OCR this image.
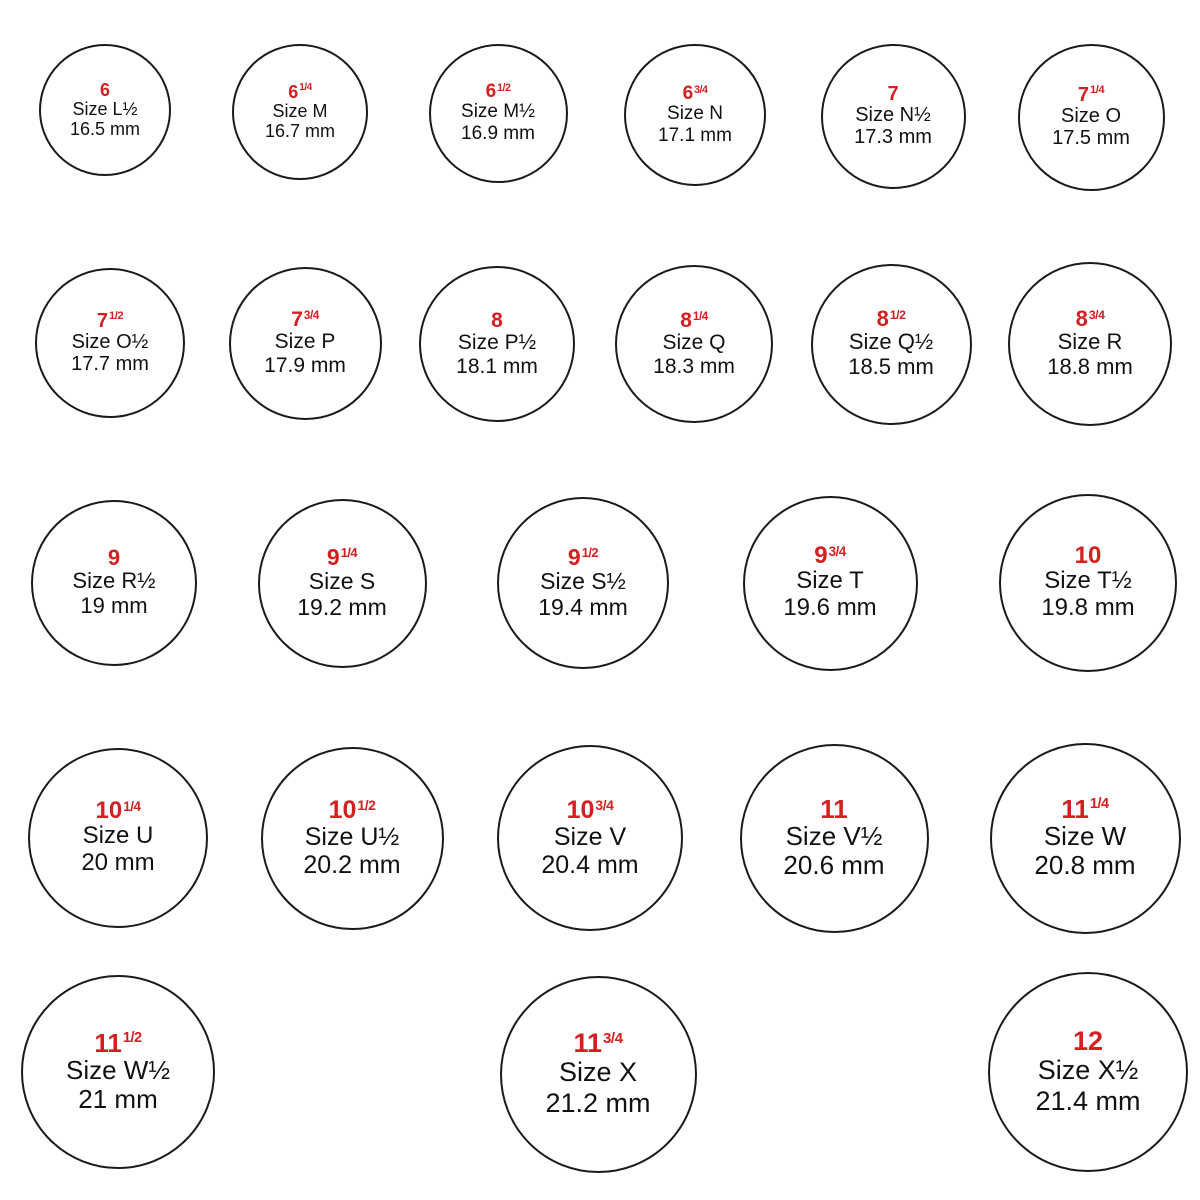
6
Size L½
16.5 mm
6 1/4
Size M
16.7 mm
6 1/2
Size M½
16.9 mm
6 3/4
Size N
17.1 mm
7
Size N½
17.3 mm
7 1/4
Size O
17.5 mm
7 1/2
Size O½
17.7 mm
7 3/4
Size P
17.9 mm
8
Size P½
18.1 mm
8 1/4
Size Q
18.3 mm
8 1/2
Size Q½
18.5 mm
8 3/4
Size R
18.8 mm
9
Size R½
19 mm
9 1/4
Size S
19.2 mm
9 1/2
Size S½
19.4 mm
9 3/4
Size T
19.6 mm
10
Size T½
19.8 mm
10 1/4
Size U
20 mm
10 1/2
Size U½
20.2 mm
10 3/4
Size V
20.4 mm
11
Size V½
20.6 mm
11 1/4
Size W
20.8 mm
11 1/2
Size W½
21 mm
11 3/4
Size X
21.2 mm
12
Size X½
21.4 mm
